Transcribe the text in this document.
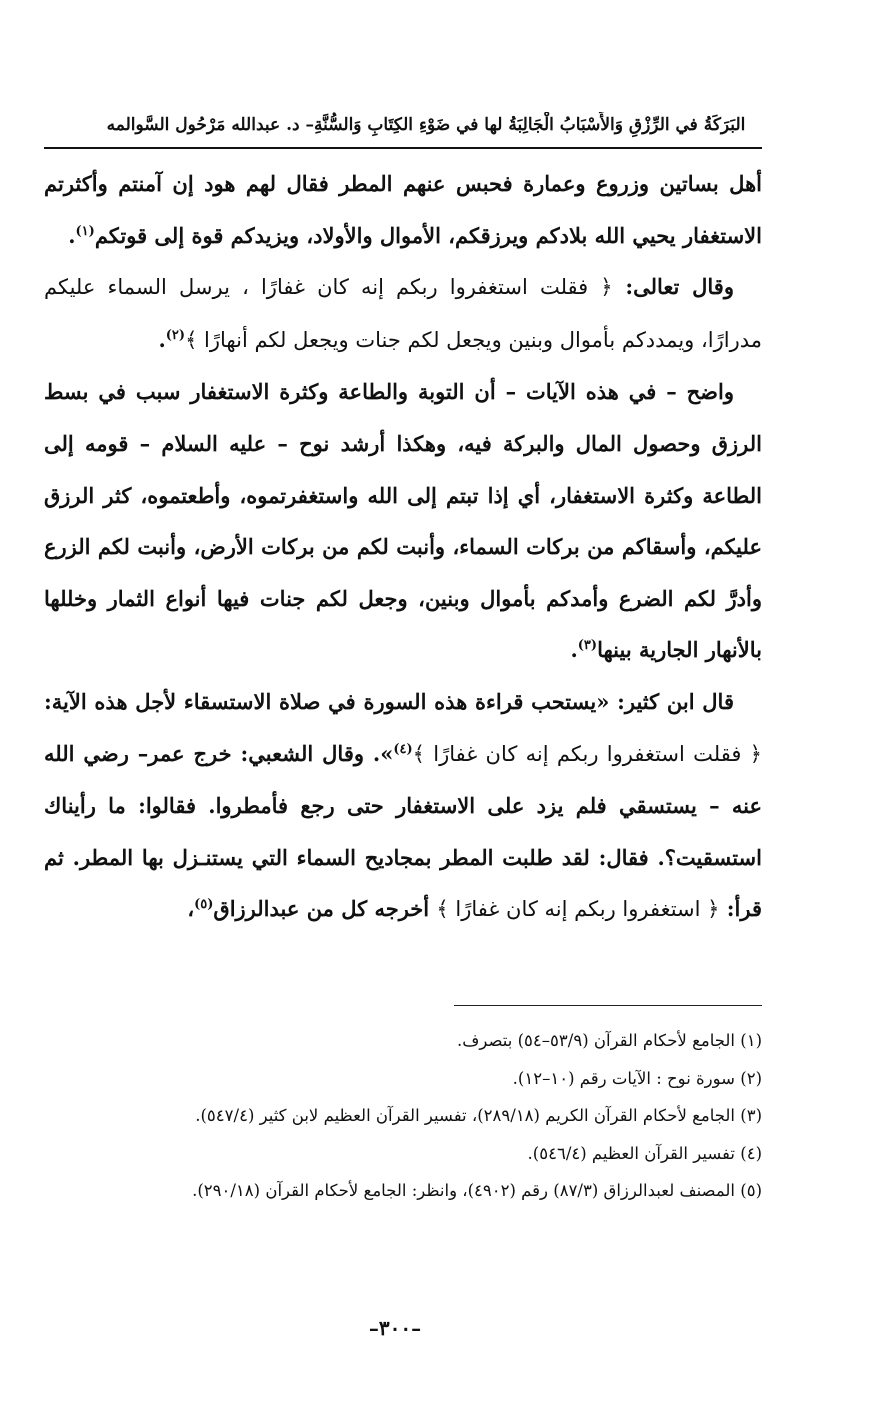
البَرَكَةُ في الرِّزْقِ وَالأَسْبَابُ الْجَالِبَةُ لها في ضَوْءِ الكِتَابِ وَالسُّنَّةِ– د. عبدالله مَرْحُول السَّوالمه

أهل بساتين وزروع وعمارة فحبس عنهم المطر فقال لهم هود إن آمنتم وأكثرتم الاستغفار يحيي الله بلادكم ويرزقكم، الأموال والأولاد، ويزيدكم قوة إلى قوتكم$^{(١)}$.

وقال تعالى: ﴿ فقلت استغفروا ربكم إنه كان غفارًا ، يرسل السماء عليكم مدرارًا، ويمددكم بأموال وبنين ويجعل لكم جنات ويجعل لكم أنهارًا ﴾$^{(٢)}$.

واضح – في هذه الآيات – أن التوبة والطاعة وكثرة الاستغفار سبب في بسط الرزق وحصول المال والبركة فيه، وهكذا أرشد نوح – عليه السلام – قومه إلى الطاعة وكثرة الاستغفار، أي إذا تبتم إلى الله واستغفرتموه، وأطعتموه، كثر الرزق عليكم، وأسقاكم من بركات السماء، وأنبت لكم من بركات الأرض، وأنبت لكم الزرع وأدرَّ لكم الضرع وأمدكم بأموال وبنين، وجعل لكم جنات فيها أنواع الثمار وخللها بالأنهار الجارية بينها$^{(٣)}$.

قال ابن كثير: «يستحب قراءة هذه السورة في صلاة الاستسقاء لأجل هذه الآية: ﴿ فقلت استغفروا ربكم إنه كان غفارًا ﴾$^{(٤)}$». وقال الشعبي: خرج عمر– رضي الله عنه – يستسقي فلم يزد على الاستغفار حتى رجع فأمطروا. فقالوا: ما رأيناك استسقيت؟. فقال: لقد طلبت المطر بمجاديح السماء التي يستنـزل بها المطر. ثم قرأ: ﴿ استغفروا ربكم إنه كان غفارًا ﴾ أخرجه كل من عبدالرزاق$^{(٥)}$،

(١) الجامع لأحكام القرآن (٥٣/٩–٥٤) بتصرف.

(٢) سورة نوح : الآيات رقم (١٠–١٢).

(٣) الجامع لأحكام القرآن الكريم (٢٨٩/١٨)، تفسير القرآن العظيم لابن كثير (٥٤٧/٤).

(٤) تفسير القرآن العظيم (٥٤٦/٤).

(٥) المصنف لعبدالرزاق (٨٧/٣) رقم (٤٩٠٢)، وانظر: الجامع لأحكام القرآن (٢٩٠/١٨).

–٣٠٠–
